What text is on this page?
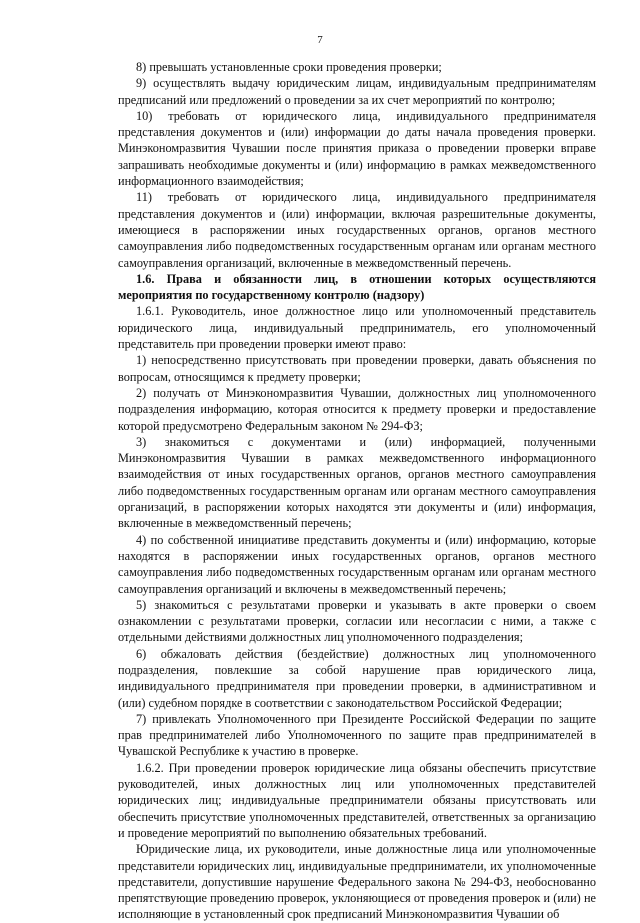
7

8) превышать установленные сроки проведения проверки;

9) осуществлять выдачу юридическим лицам, индивидуальным предпринимателям предписаний или предложений о проведении за их счет мероприятий по контролю;

10) требовать от юридического лица, индивидуального предпринимателя представления документов и (или) информации до даты начала проведения проверки. Минэкономразвития Чувашии после принятия приказа о проведении проверки вправе запрашивать необходимые документы и (или) информацию в рамках межведомственного информационного взаимодействия;

11) требовать от юридического лица, индивидуального предпринимателя представления документов и (или) информации, включая разрешительные документы, имеющиеся в распоряжении иных государственных органов, органов местного самоуправления либо подведомственных государственным органам или органам местного самоуправления организаций, включенные в межведомственный перечень.

1.6. Права и обязанности лиц, в отношении которых осуществляются мероприятия по государственному контролю (надзору)

1.6.1. Руководитель, иное должностное лицо или уполномоченный представитель юридического лица, индивидуальный предприниматель, его уполномоченный представитель при проведении проверки имеют право:

1) непосредственно присутствовать при проведении проверки, давать объяснения по вопросам, относящимся к предмету проверки;

2) получать от Минэкономразвития Чувашии, должностных лиц уполномоченного подразделения информацию, которая относится к предмету проверки и предоставление которой предусмотрено Федеральным законом № 294-ФЗ;

3) знакомиться с документами и (или) информацией, полученными Минэкономразвития Чувашии в рамках межведомственного информационного взаимодействия от иных государственных органов, органов местного самоуправления либо подведомственных государственным органам или органам местного самоуправления организаций, в распоряжении которых находятся эти документы и (или) информация, включенные в межведомственный перечень;

4) по собственной инициативе представить документы и (или) информацию, которые находятся в распоряжении иных государственных органов, органов местного самоуправления либо подведомственных государственным органам или органам местного самоуправления организаций и включены в межведомственный перечень;

5) знакомиться с результатами проверки и указывать в акте проверки о своем ознакомлении с результатами проверки, согласии или несогласии с ними, а также с отдельными действиями должностных лиц уполномоченного подразделения;

6) обжаловать действия (бездействие) должностных лиц уполномоченного подразделения, повлекшие за собой нарушение прав юридического лица, индивидуального предпринимателя при проведении проверки, в административном и (или) судебном порядке в соответствии с законодательством Российской Федерации;

7) привлекать Уполномоченного при Президенте Российской Федерации по защите прав предпринимателей либо Уполномоченного по защите прав предпринимателей в Чувашской Республике к участию в проверке.

1.6.2. При проведении проверок юридические лица обязаны обеспечить присутствие руководителей, иных должностных лиц или уполномоченных представителей юридических лиц; индивидуальные предприниматели обязаны присутствовать или обеспечить присутствие уполномоченных представителей, ответственных за организацию и проведение мероприятий по выполнению обязательных требований.

Юридические лица, их руководители, иные должностные лица или уполномоченные представители юридических лиц, индивидуальные предприниматели, их уполномоченные представители, допустившие нарушение Федерального закона № 294-ФЗ, необоснованно препятствующие проведению проверок, уклоняющиеся от проведения проверок и (или) не исполняющие в установленный срок предписаний Минэкономразвития Чувашии об
